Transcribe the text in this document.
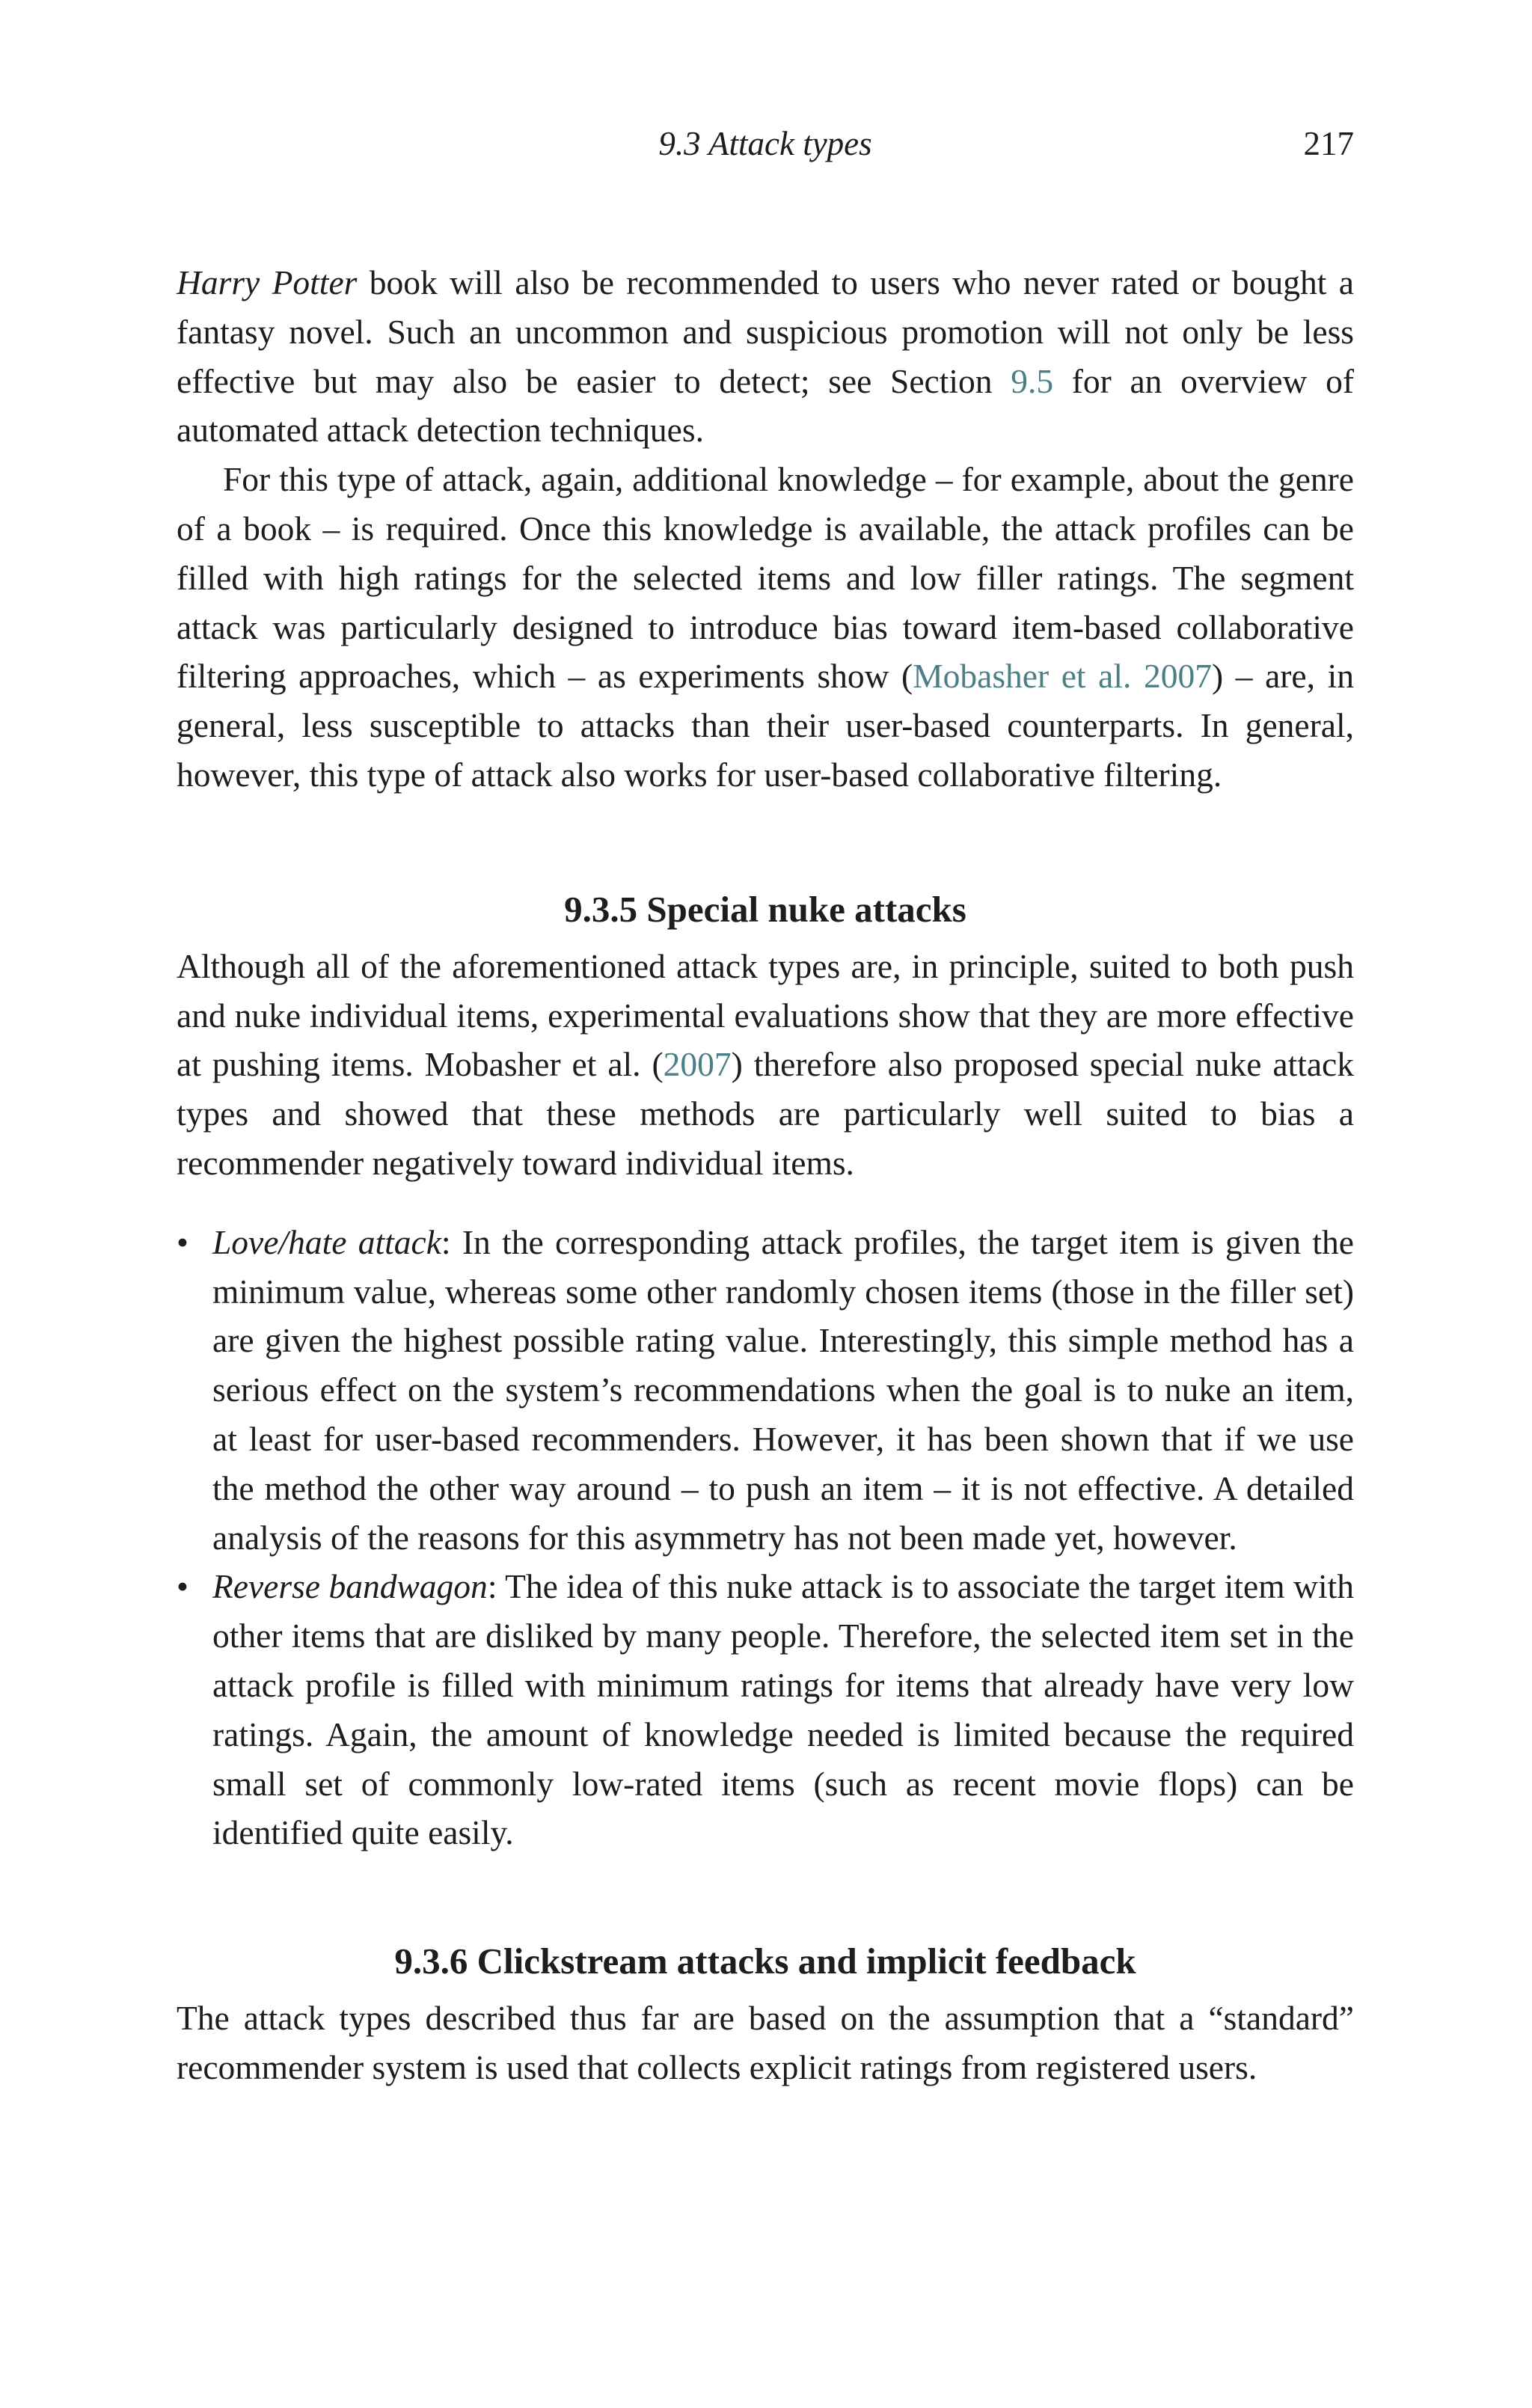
9.3 Attack types	217

Harry Potter book will also be recommended to users who never rated or bought a fantasy novel. Such an uncommon and suspicious promotion will not only be less effective but may also be easier to detect; see Section 9.5 for an overview of automated attack detection techniques.

For this type of attack, again, additional knowledge – for example, about the genre of a book – is required. Once this knowledge is available, the attack profiles can be filled with high ratings for the selected items and low filler ratings. The segment attack was particularly designed to introduce bias toward item-based collaborative filtering approaches, which – as experiments show (Mobasher et al. 2007) – are, in general, less susceptible to attacks than their user-based counterparts. In general, however, this type of attack also works for user-based collaborative filtering.

9.3.5 Special nuke attacks

Although all of the aforementioned attack types are, in principle, suited to both push and nuke individual items, experimental evaluations show that they are more effective at pushing items. Mobasher et al. (2007) therefore also proposed special nuke attack types and showed that these methods are particularly well suited to bias a recommender negatively toward individual items.

• Love/hate attack: In the corresponding attack profiles, the target item is given the minimum value, whereas some other randomly chosen items (those in the filler set) are given the highest possible rating value. Interestingly, this simple method has a serious effect on the system’s recommendations when the goal is to nuke an item, at least for user-based recommenders. However, it has been shown that if we use the method the other way around – to push an item – it is not effective. A detailed analysis of the reasons for this asymmetry has not been made yet, however.
• Reverse bandwagon: The idea of this nuke attack is to associate the target item with other items that are disliked by many people. Therefore, the selected item set in the attack profile is filled with minimum ratings for items that already have very low ratings. Again, the amount of knowledge needed is limited because the required small set of commonly low-rated items (such as recent movie flops) can be identified quite easily.
9.3.6 Clickstream attacks and implicit feedback

The attack types described thus far are based on the assumption that a “standard” recommender system is used that collects explicit ratings from registered users.
